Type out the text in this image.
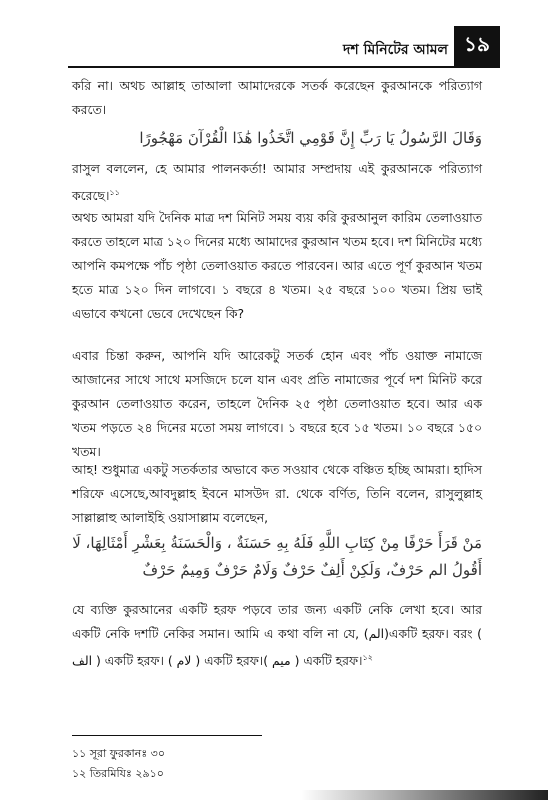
দশ মিনিটের আমল ১৯

করি না। অথচ আল্লাহ তাআলা আমাদেরকে সতর্ক করেছেন কুরআনকে পরিত্যাগ করতে।

وَقَالَ الرَّسُولُ يَا رَبِّ إِنَّ قَوْمِي اتَّخَذُوا هَٰذَا الْقُرْآنَ مَهْجُورًا

রাসুল বললেন, হে আমার পালনকর্তা! আমার সম্প্রদায় এই কুরআনকে পরিত্যাগ করেছে।$^{১১}$

অথচ আমরা যদি দৈনিক মাত্র দশ মিনিট সময় ব্যয় করি কুরআনুল কারিম তেলাওয়াত করতে তাহলে মাত্র ১২০ দিনের মধ্যে আমাদের কুরআন খতম হবে। দশ মিনিটের মধ্যে আপনি কমপক্ষে পাঁচ পৃষ্ঠা তেলাওয়াত করতে পারবেন। আর এতে পূর্ণ কুরআন খতম হতে মাত্র ১২০ দিন লাগবে। ১ বছরে ৪ খতম। ২৫ বছরে ১০০ খতম। প্রিয় ভাই এভাবে কখনো ভেবে দেখেছেন কি?

এবার চিন্তা করুন, আপনি যদি আরেকটু সতর্ক হোন এবং পাঁচ ওয়াক্ত নামাজে আজানের সাথে সাথে মসজিদে চলে যান এবং প্রতি নামাজের পূর্বে দশ মিনিট করে কুরআন তেলাওয়াত করেন, তাহলে দৈনিক ২৫ পৃষ্ঠা তেলাওয়াত হবে। আর এক খতম পড়তে ২৪ দিনের মতো সময় লাগবে। ১ বছরে হবে ১৫ খতম। ১০ বছরে ১৫০ খতম।

আহ! শুধুমাত্র একটু সতর্কতার অভাবে কত সওয়াব থেকে বঞ্চিত হচ্ছি আমরা। হাদিস শরিফে এসেছে,আবদুল্লাহ ইবনে মাসউদ রা. থেকে বর্ণিত, তিনি বলেন, রাসুলুল্লাহ সাল্লাল্লাহু আলাইহি ওয়াসাল্লাম বলেছেন,

مَنْ قَرَأَ حَرْفًا مِنْ كِتَابِ اللَّهِ فَلَهُ بِهِ حَسَنَةٌ ، وَالْحَسَنَةُ بِعَشْرِ أَمْثَالِهَا، لَا أَقُولُ الم حَرْفٌ، وَلَكِنْ أَلِفٌ حَرْفٌ وَلَامٌ حَرْفٌ وَمِيمٌ حَرْفٌ

যে ব্যক্তি কুরআনের একটি হরফ পড়বে তার জন্য একটি নেকি লেখা হবে। আর একটি নেকি দশটি নেকির সমান। আমি এ কথা বলি না যে, (الم)একটি হরফ। বরং ( الف ) একটি হরফ। ( لام ) একটি হরফ।( ميم ) একটি হরফ।$^{১২}$

১১ সূরা ফুরকানঃ ৩০
১২ তিরমিযিঃ ২৯১০
